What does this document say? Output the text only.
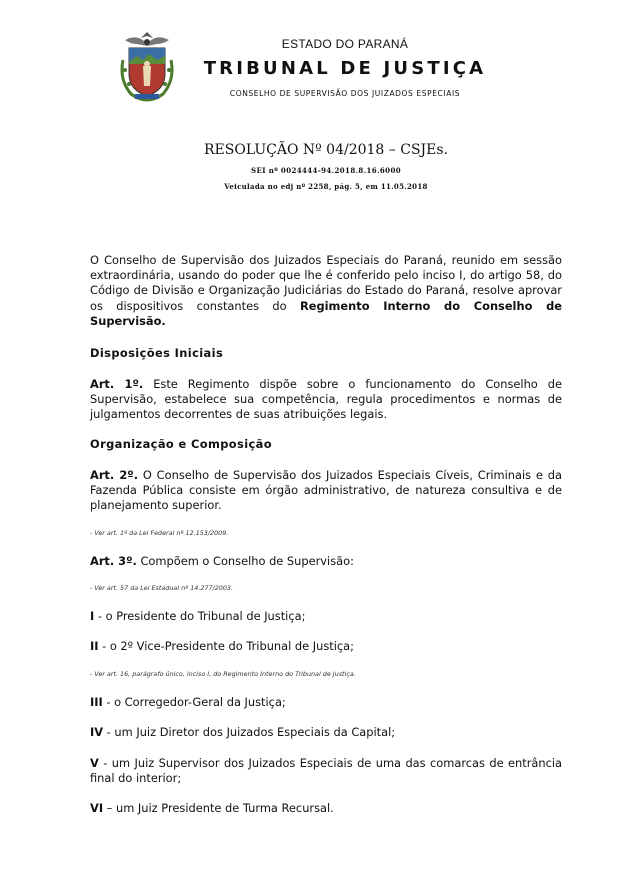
ESTADO DO PARANÁ
TRIBUNAL DE JUSTIÇA
CONSELHO DE SUPERVISÃO DOS JUIZADOS ESPECIAIS
RESOLUÇÃO Nº 04/2018 – CSJEs.
SEI nº 0024444-94.2018.8.16.6000
Veiculada no edj nº 2258, pág. 5, em 11.05.2018
O Conselho de Supervisão dos Juizados Especiais do Paraná, reunido em sessão extraordinária, usando do poder que lhe é conferido pelo inciso I, do artigo 58, do Código de Divisão e Organização Judiciárias do Estado do Paraná, resolve aprovar os dispositivos constantes do Regimento Interno do Conselho de Supervisão.
Disposições Iniciais
Art. 1º. Este Regimento dispõe sobre o funcionamento do Conselho de Supervisão, estabelece sua competência, regula procedimentos e normas de julgamentos decorrentes de suas atribuições legais.
Organização e Composição
Art. 2º. O Conselho de Supervisão dos Juizados Especiais Cíveis, Criminais e da Fazenda Pública consiste em órgão administrativo, de natureza consultiva e de planejamento superior.
- Ver art. 1º da Lei Federal nº 12.153/2009.
Art. 3º. Compõem o Conselho de Supervisão:
- Ver art. 57 da Lei Estadual nº 14.277/2003.
I - o Presidente do Tribunal de Justiça;
II - o 2º Vice-Presidente do Tribunal de Justiça;
- Ver art. 16, parágrafo único, inciso I, do Regimento Interno do Tribunal de Justiça.
III - o Corregedor-Geral da Justiça;
IV - um Juiz Diretor dos Juizados Especiais da Capital;
V - um Juiz Supervisor dos Juizados Especiais de uma das comarcas de entrância final do interior;
VI – um Juiz Presidente de Turma Recursal.
